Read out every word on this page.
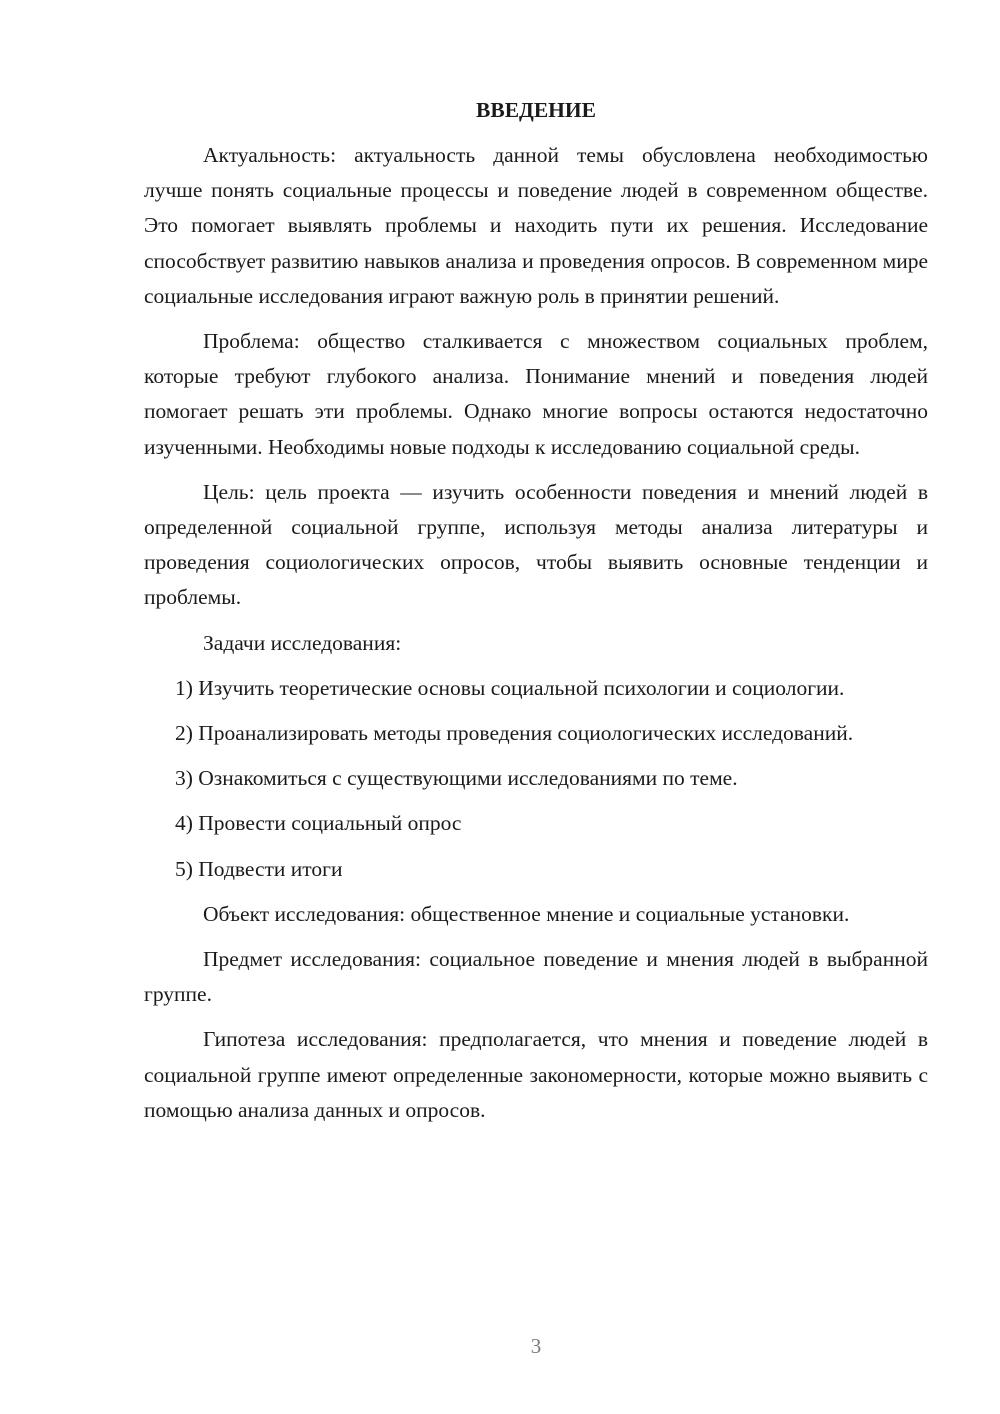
ВВЕДЕНИЕ

Актуальность: актуальность данной темы обусловлена необходимостью лучше понять социальные процессы и поведение людей в современном обществе. Это помогает выявлять проблемы и находить пути их решения. Исследование способствует развитию навыков анализа и проведения опросов. В современном мире социальные исследования играют важную роль в принятии решений.

Проблема: общество сталкивается с множеством социальных проблем, которые требуют глубокого анализа. Понимание мнений и поведения людей помогает решать эти проблемы. Однако многие вопросы остаются недостаточно изученными. Необходимы новые подходы к исследованию социальной среды.

Цель: цель проекта — изучить особенности поведения и мнений людей в определенной социальной группе, используя методы анализа литературы и проведения социологических опросов, чтобы выявить основные тенденции и проблемы.

Задачи исследования:

1) Изучить теоретические основы социальной психологии и социологии.

2) Проанализировать методы проведения социологических исследований.

3) Ознакомиться с существующими исследованиями по теме.

4) Провести социальный опрос

5) Подвести итоги

Объект исследования: общественное мнение и социальные установки.

Предмет исследования: социальное поведение и мнения людей в выбранной группе.

Гипотеза исследования: предполагается, что мнения и поведение людей в социальной группе имеют определенные закономерности, которые можно выявить с помощью анализа данных и опросов.

3
